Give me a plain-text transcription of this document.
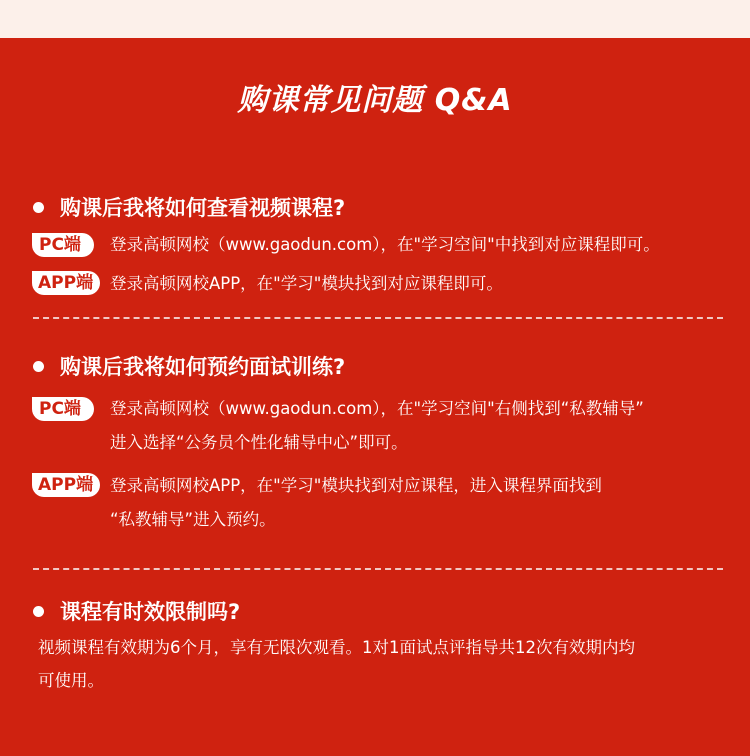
购课常见问题 Q&A
购课后我将如何查看视频课程?
PC端	登录高顿网校（www.gaodun.com），在"学习空间"中找到对应课程即可。
APP端	登录高顿网校APP，在"学习"模块找到对应课程即可。
购课后我将如何预约面试训练?
PC端	登录高顿网校（www.gaodun.com），在"学习空间"右侧找到“私教辅导”
进入选择“公务员个性化辅导中心”即可。
APP端	登录高顿网校APP，在"学习"模块找到对应课程，进入课程界面找到
“私教辅导”进入预约。
课程有时效限制吗?
视频课程有效期为6个月，享有无限次观看。1对1面试点评指导共12次有效期内均
可使用。
